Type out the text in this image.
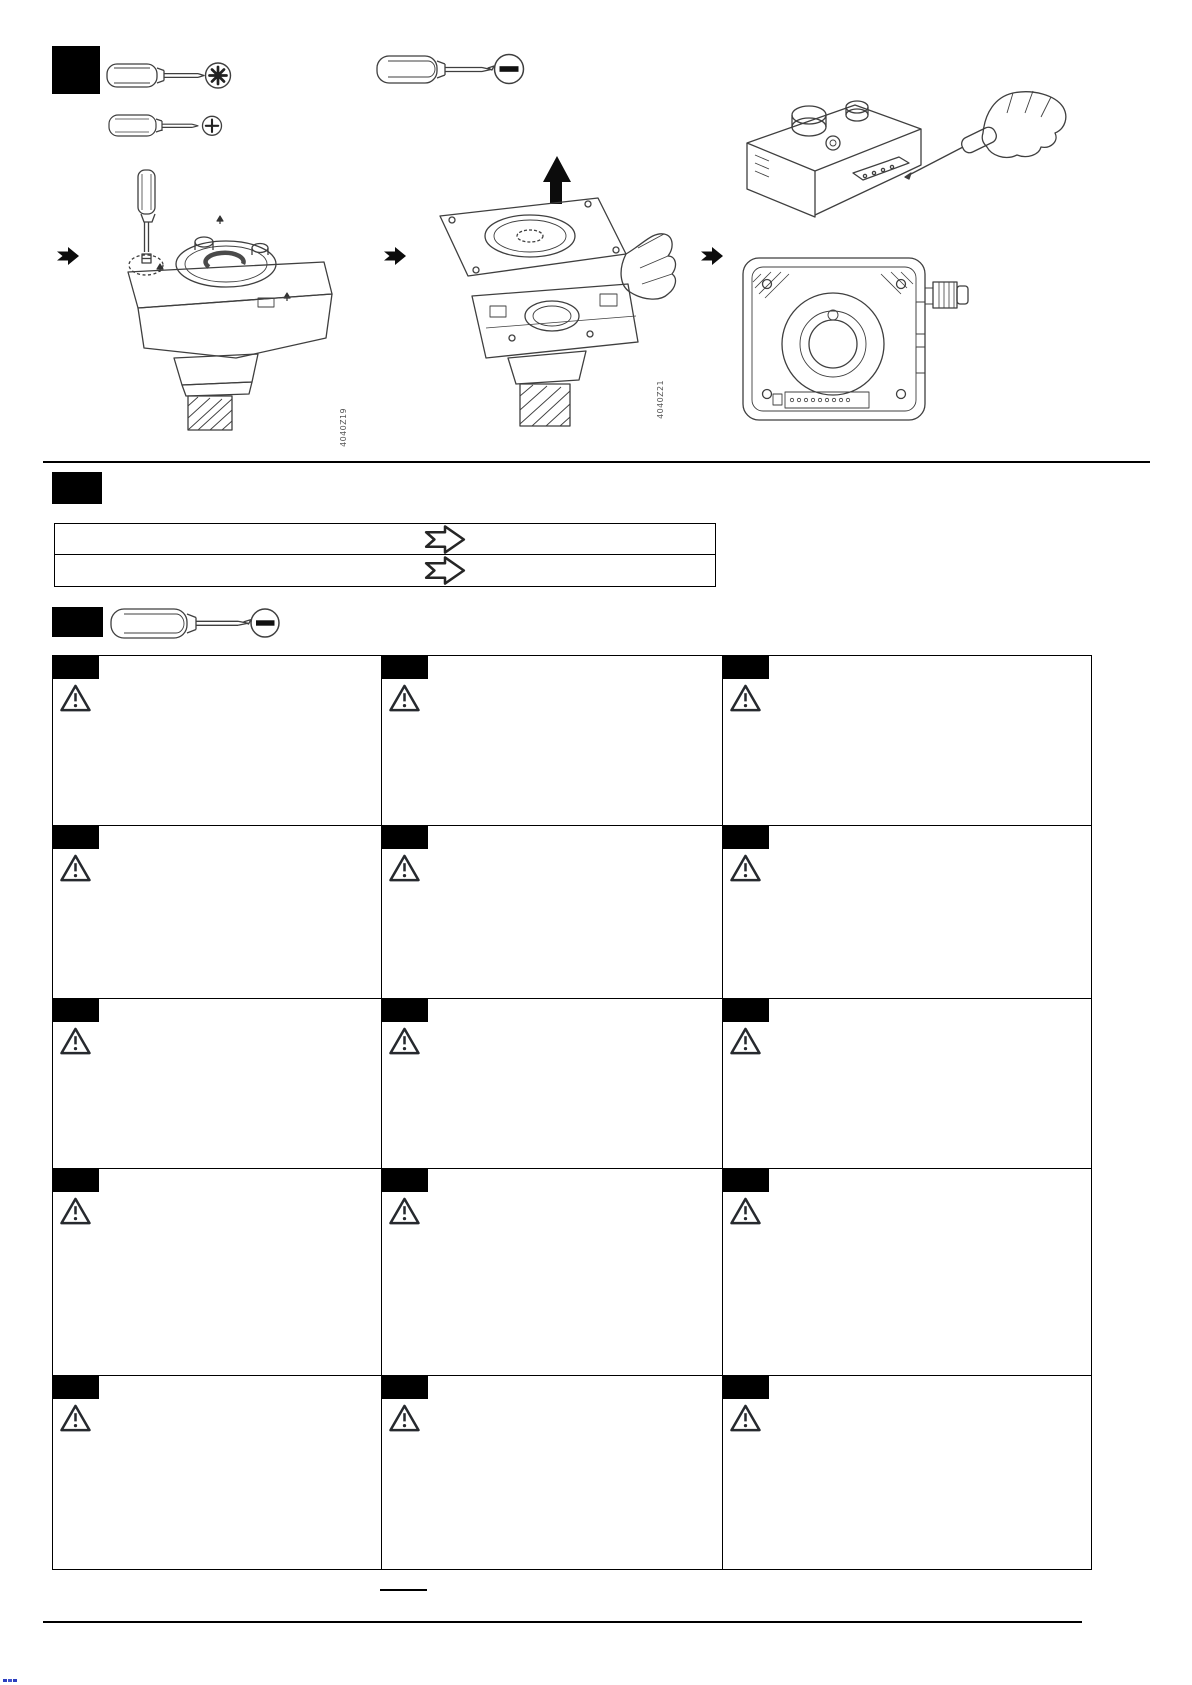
4040Z19
4040Z21
